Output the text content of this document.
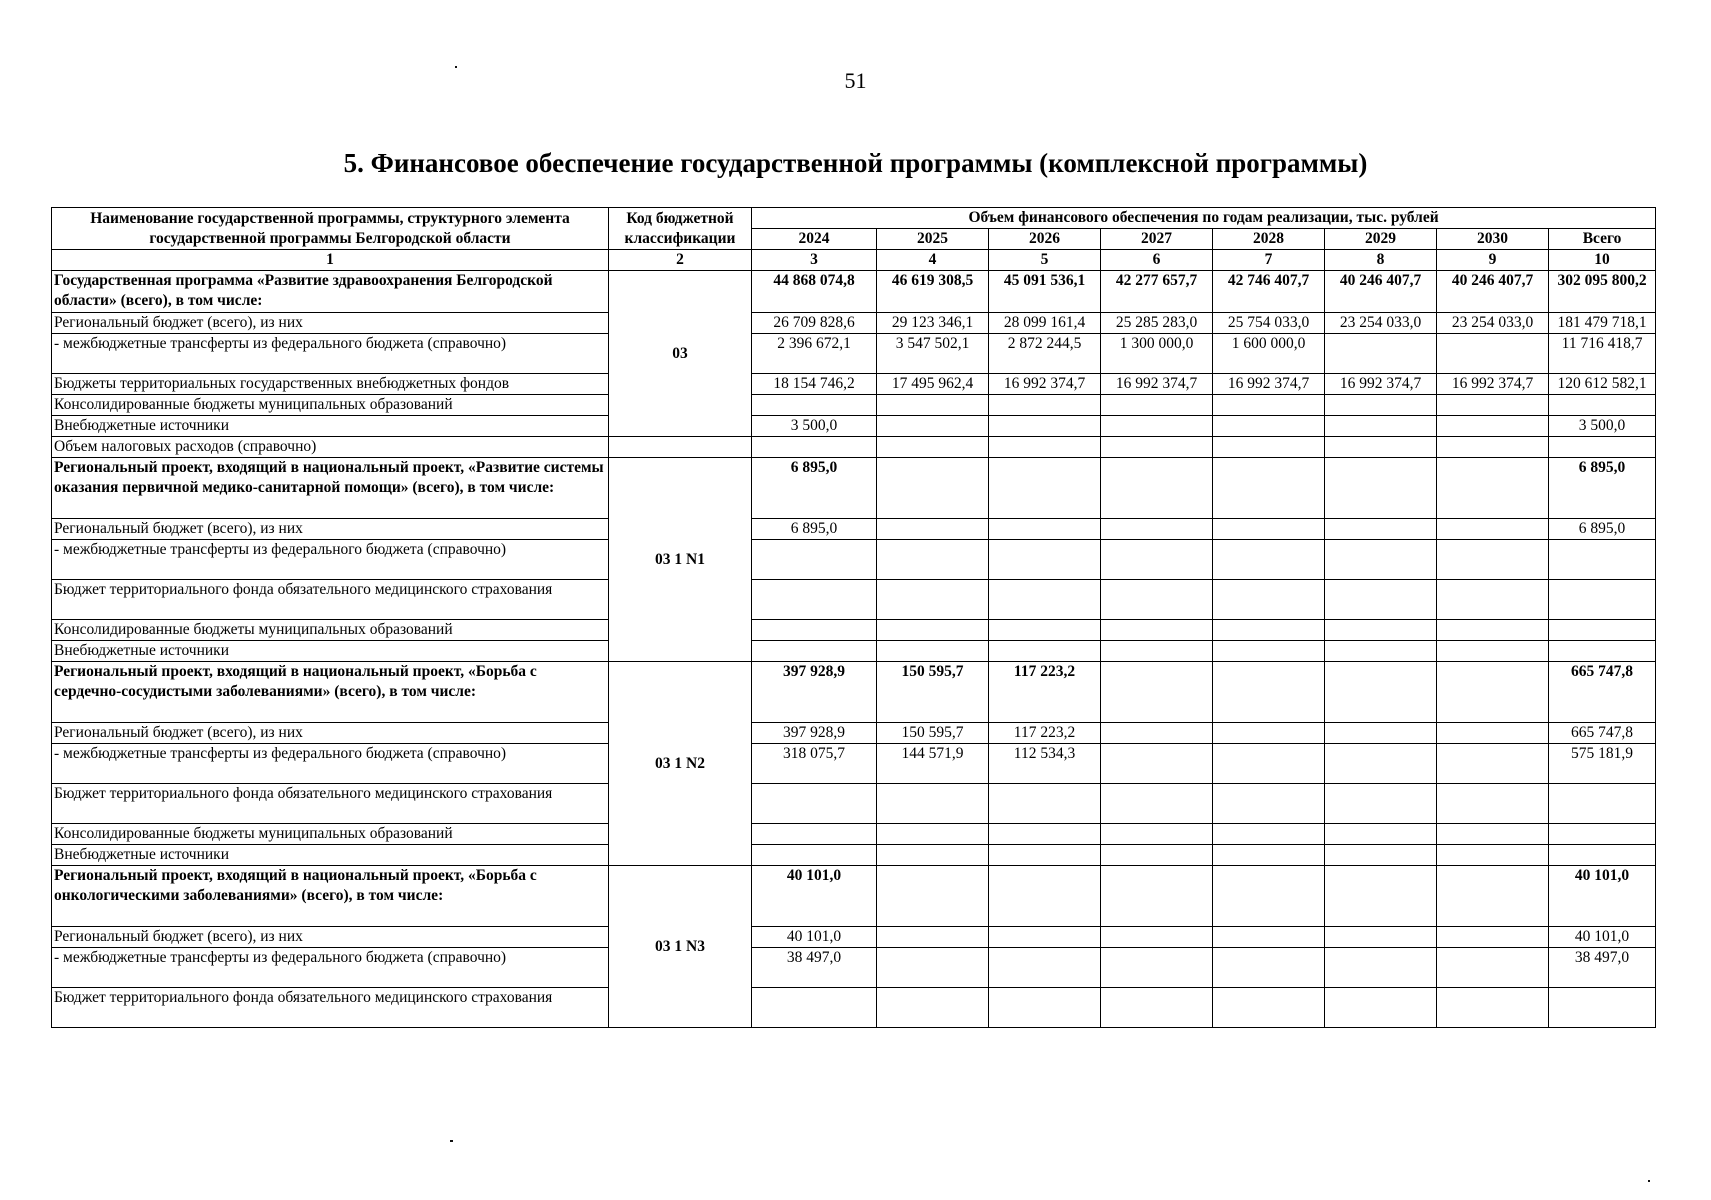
51
5. Финансовое обеспечение государственной программы (комплексной программы)
Наименование государственной программы, структурного элемента государственной программы Белгородской области	Код бюджетной классификации	Объем финансового обеспечения по годам реализации, тыс. рублей							
		2024	2025	2026	2027	2028	2029	2030	Всего
1	2	3	4	5	6	7	8	9	10
Государственная программа «Развитие здравоохранения Белгородской области» (всего), в том числе:	03	44 868 074,8	46 619 308,5	45 091 536,1	42 277 657,7	42 746 407,7	40 246 407,7	40 246 407,7	302 095 800,2
Региональный бюджет (всего), из них		26 709 828,6	29 123 346,1	28 099 161,4	25 285 283,0	25 754 033,0	23 254 033,0	23 254 033,0	181 479 718,1
- межбюджетные трансферты из федерального бюджета (справочно)		2 396 672,1	3 547 502,1	2 872 244,5	1 300 000,0	1 600 000,0			11 716 418,7
Бюджеты территориальных государственных внебюджетных фондов		18 154 746,2	17 495 962,4	16 992 374,7	16 992 374,7	16 992 374,7	16 992 374,7	16 992 374,7	120 612 582,1
Консолидированные бюджеты муниципальных образований									
Внебюджетные источники		3 500,0							3 500,0
Объем налоговых расходов (справочно)									
Региональный проект, входящий в национальный проект, «Развитие системы оказания первичной медико-санитарной помощи» (всего), в том числе:	03 1 N1	6 895,0							6 895,0
Региональный бюджет (всего), из них		6 895,0							6 895,0
- межбюджетные трансферты из федерального бюджета (справочно)									
Бюджет территориального фонда обязательного медицинского страхования									
Консолидированные бюджеты муниципальных образований									
Внебюджетные источники									
Региональный проект, входящий в национальный проект, «Борьба с сердечно-сосудистыми заболеваниями» (всего), в том числе:	03 1 N2	397 928,9	150 595,7	117 223,2					665 747,8
Региональный бюджет (всего), из них		397 928,9	150 595,7	117 223,2					665 747,8
- межбюджетные трансферты из федерального бюджета (справочно)		318 075,7	144 571,9	112 534,3					575 181,9
Бюджет территориального фонда обязательного медицинского страхования									
Консолидированные бюджеты муниципальных образований									
Внебюджетные источники									
Региональный проект, входящий в национальный проект, «Борьба с онкологическими заболеваниями» (всего), в том числе:	03 1 N3	40 101,0							40 101,0
Региональный бюджет (всего), из них		40 101,0							40 101,0
- межбюджетные трансферты из федерального бюджета (справочно)		38 497,0							38 497,0
Бюджет территориального фонда обязательного медицинского страхования									
